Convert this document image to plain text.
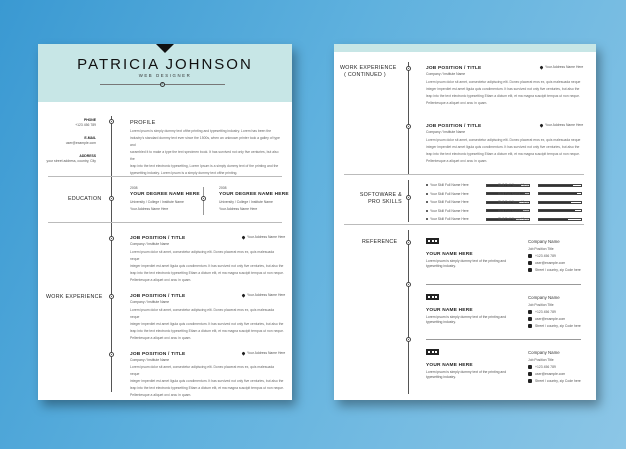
PATRICIA JOHNSON
WEB DESIGNER
P
PHONE
+123 456 789
E-MAIL
user@example.com
ADDRESS
your street address, country, City
PROFILE
Lorem ipsum is simply dummy text ofthe printing and typesetting industry. Lorem has been the
industry's standard dummy text ever since the 1500s, when an unknown printer took a galley of type and
scrambled it to make a type the text specimen book. It has survived not only five centuries, but also the
leap into the text electronic typesetting, Lorem Ipsum is a simply dummy text of the printing and the
typesetting industry. Lorem Ipsum is a simply dummy text ofthe printing.
EDUCATION
2008
YOUR DEGREE NAME HERE
University / College / Institute Name
Your Address Name Here
2008
YOUR DEGREE NAME HERE
University / College / Institute Name
Your Address Name Here
WORK EXPERIENCE
JOB POSITION / TITLE
Company / Institute Name
Your Address Name Here
Lorem ipsum dolor sit amet, consectetur adipiscing elit. Donec placerat eros ex, quis malesuada neque
integer imperdiet est amet ligula quis condimentum. It has survived not only five centuries, but also the
leap into the text electronic typesetting Etiam a dictum elit, et ma magna suscipit tempus ut non neque.
Pellentesque a aliquet orci arcu in quam.
JOB POSITION / TITLE
Company / Institute Name
Your Address Name Here
Lorem ipsum dolor sit amet, consectetur adipiscing elit. Donec placerat eros ex, quis malesuada neque
integer imperdiet est amet ligula quis condimentum. It has survived not only five centuries, but also the
leap into the text electronic typesetting Etiam a dictum elit, et ma magna suscipit tempus ut non neque.
Pellentesque a aliquet orci arcu in quam.
JOB POSITION / TITLE
Company / Institute Name
Your Address Name Here
Lorem ipsum dolor sit amet, consectetur adipiscing elit. Donec placerat eros ex, quis malesuada neque
integer imperdiet est amet ligula quis condimentum. It has survived not only five centuries, but also the
leap into the text electronic typesetting Etiam a dictum elit, et ma magna suscipit tempus ut non neque.
Pellentesque a aliquet orci arcu in quam.
WORK EXPERIENCE
( CONTINUED )
JOB POSITION / TITLE
Company / Institute Name
Your Address Name Here
Lorem ipsum dolor sit amet, consectetur adipiscing elit. Donec placerat eros ex, quis malesuada neque
integer imperdiet est amet ligula quis condimentum. It has survived not only five centuries, but also the
leap into the text electronic typesetting Etiam a dictum elit, et ma magna suscipit tempus ut non neque.
Pellentesque a aliquet orci arcu in quam.
JOB POSITION / TITLE
Company / Institute Name
Your Address Name Here
Lorem ipsum dolor sit amet, consectetur adipiscing elit. Donec placerat eros ex, quis malesuada neque
integer imperdiet est amet ligula quis condimentum. It has survived not only five centuries, but also the
leap into the text electronic typesetting Etiam a dictum elit, et ma magna suscipit tempus ut non neque.
Pellentesque a aliquet orci arcu in quam.
SOFTOWARE &
PRO SKILLS
Your Skill Full Name Here
Your Skill Full Name Here
Your Skill Full Name Here
Your Skill Full Name Here
Your Skill Full Name Here
Skill Full Name Here
Skill Full Name Here
Skill Full Name Here
Skill Full Name Here
Skill Full Name Here
REFERENCE
YOUR NAME HERE
Lorem ipsum is simply dummy text of the printing and
typesetting industry.
Company Name
Job Position Title
+123 456 789
user@example.com
Street / country, zip Code here
YOUR NAME HERE
Lorem ipsum is simply dummy text of the printing and
typesetting industry.
Company Name
Job Position Title
+123 456 789
user@example.com
Street / country, zip Code here
YOUR NAME HERE
Lorem ipsum is simply dummy text of the printing and
typesetting industry.
Company Name
Job Position Title
+123 456 789
user@example.com
Street / country, zip Code here
